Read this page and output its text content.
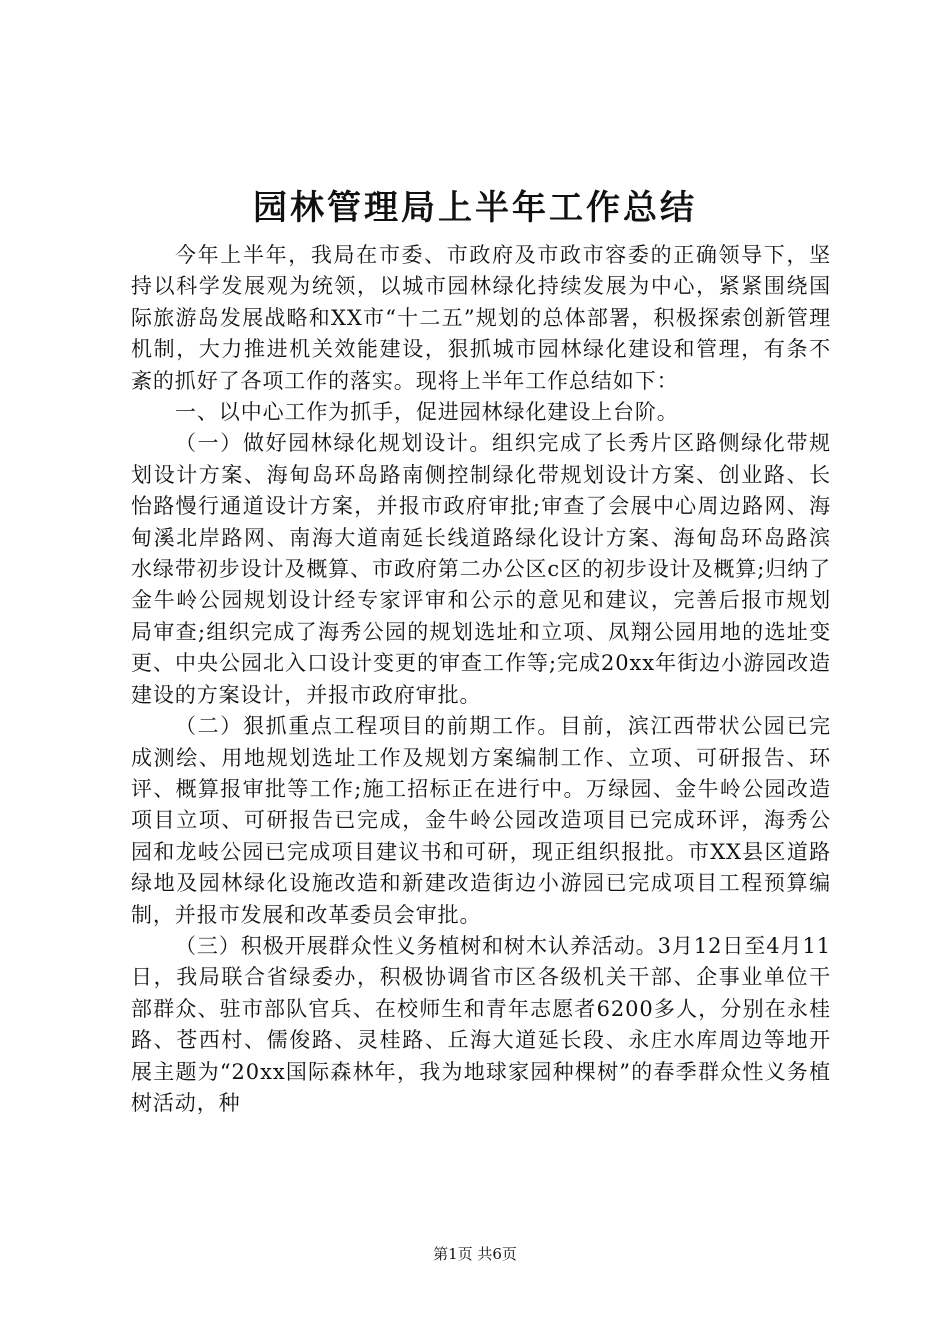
园林管理局上半年工作总结

今年上半年，我局在市委、市政府及市政市容委的正确领导下，坚持以科学发展观为统领，以城市园林绿化持续发展为中心，紧紧围绕国际旅游岛发展战略和XX市“十二五”规划的总体部署，积极探索创新管理机制，大力推进机关效能建设，狠抓城市园林绿化建设和管理，有条不紊的抓好了各项工作的落实。现将上半年工作总结如下：

一、以中心工作为抓手，促进园林绿化建设上台阶。

（一）做好园林绿化规划设计。组织完成了长秀片区路侧绿化带规划设计方案、海甸岛环岛路南侧控制绿化带规划设计方案、创业路、长怡路慢行通道设计方案，并报市政府审批;审查了会展中心周边路网、海甸溪北岸路网、南海大道南延长线道路绿化设计方案、海甸岛环岛路滨水绿带初步设计及概算、市政府第二办公区c区的初步设计及概算;归纳了金牛岭公园规划设计经专家评审和公示的意见和建议，完善后报市规划局审查;组织完成了海秀公园的规划选址和立项、凤翔公园用地的选址变更、中央公园北入口设计变更的审查工作等;完成20xx年街边小游园改造建设的方案设计，并报市政府审批。

（二）狠抓重点工程项目的前期工作。目前，滨江西带状公园已完成测绘、用地规划选址工作及规划方案编制工作、立项、可研报告、环评、概算报审批等工作;施工招标正在进行中。万绿园、金牛岭公园改造项目立项、可研报告已完成，金牛岭公园改造项目已完成环评，海秀公园和龙岐公园已完成项目建议书和可研，现正组织报批。市XX县区道路绿地及园林绿化设施改造和新建改造街边小游园已完成项目工程预算编制，并报市发展和改革委员会审批。

（三）积极开展群众性义务植树和树木认养活动。3月12日至4月11日，我局联合省绿委办，积极协调省市区各级机关干部、企事业单位干部群众、驻市部队官兵、在校师生和青年志愿者6200多人，分别在永桂路、苍西村、儒俊路、灵桂路、丘海大道延长段、永庄水库周边等地开展主题为“20xx国际森林年，我为地球家园种棵树”的春季群众性义务植树活动，种

第1页 共6页
